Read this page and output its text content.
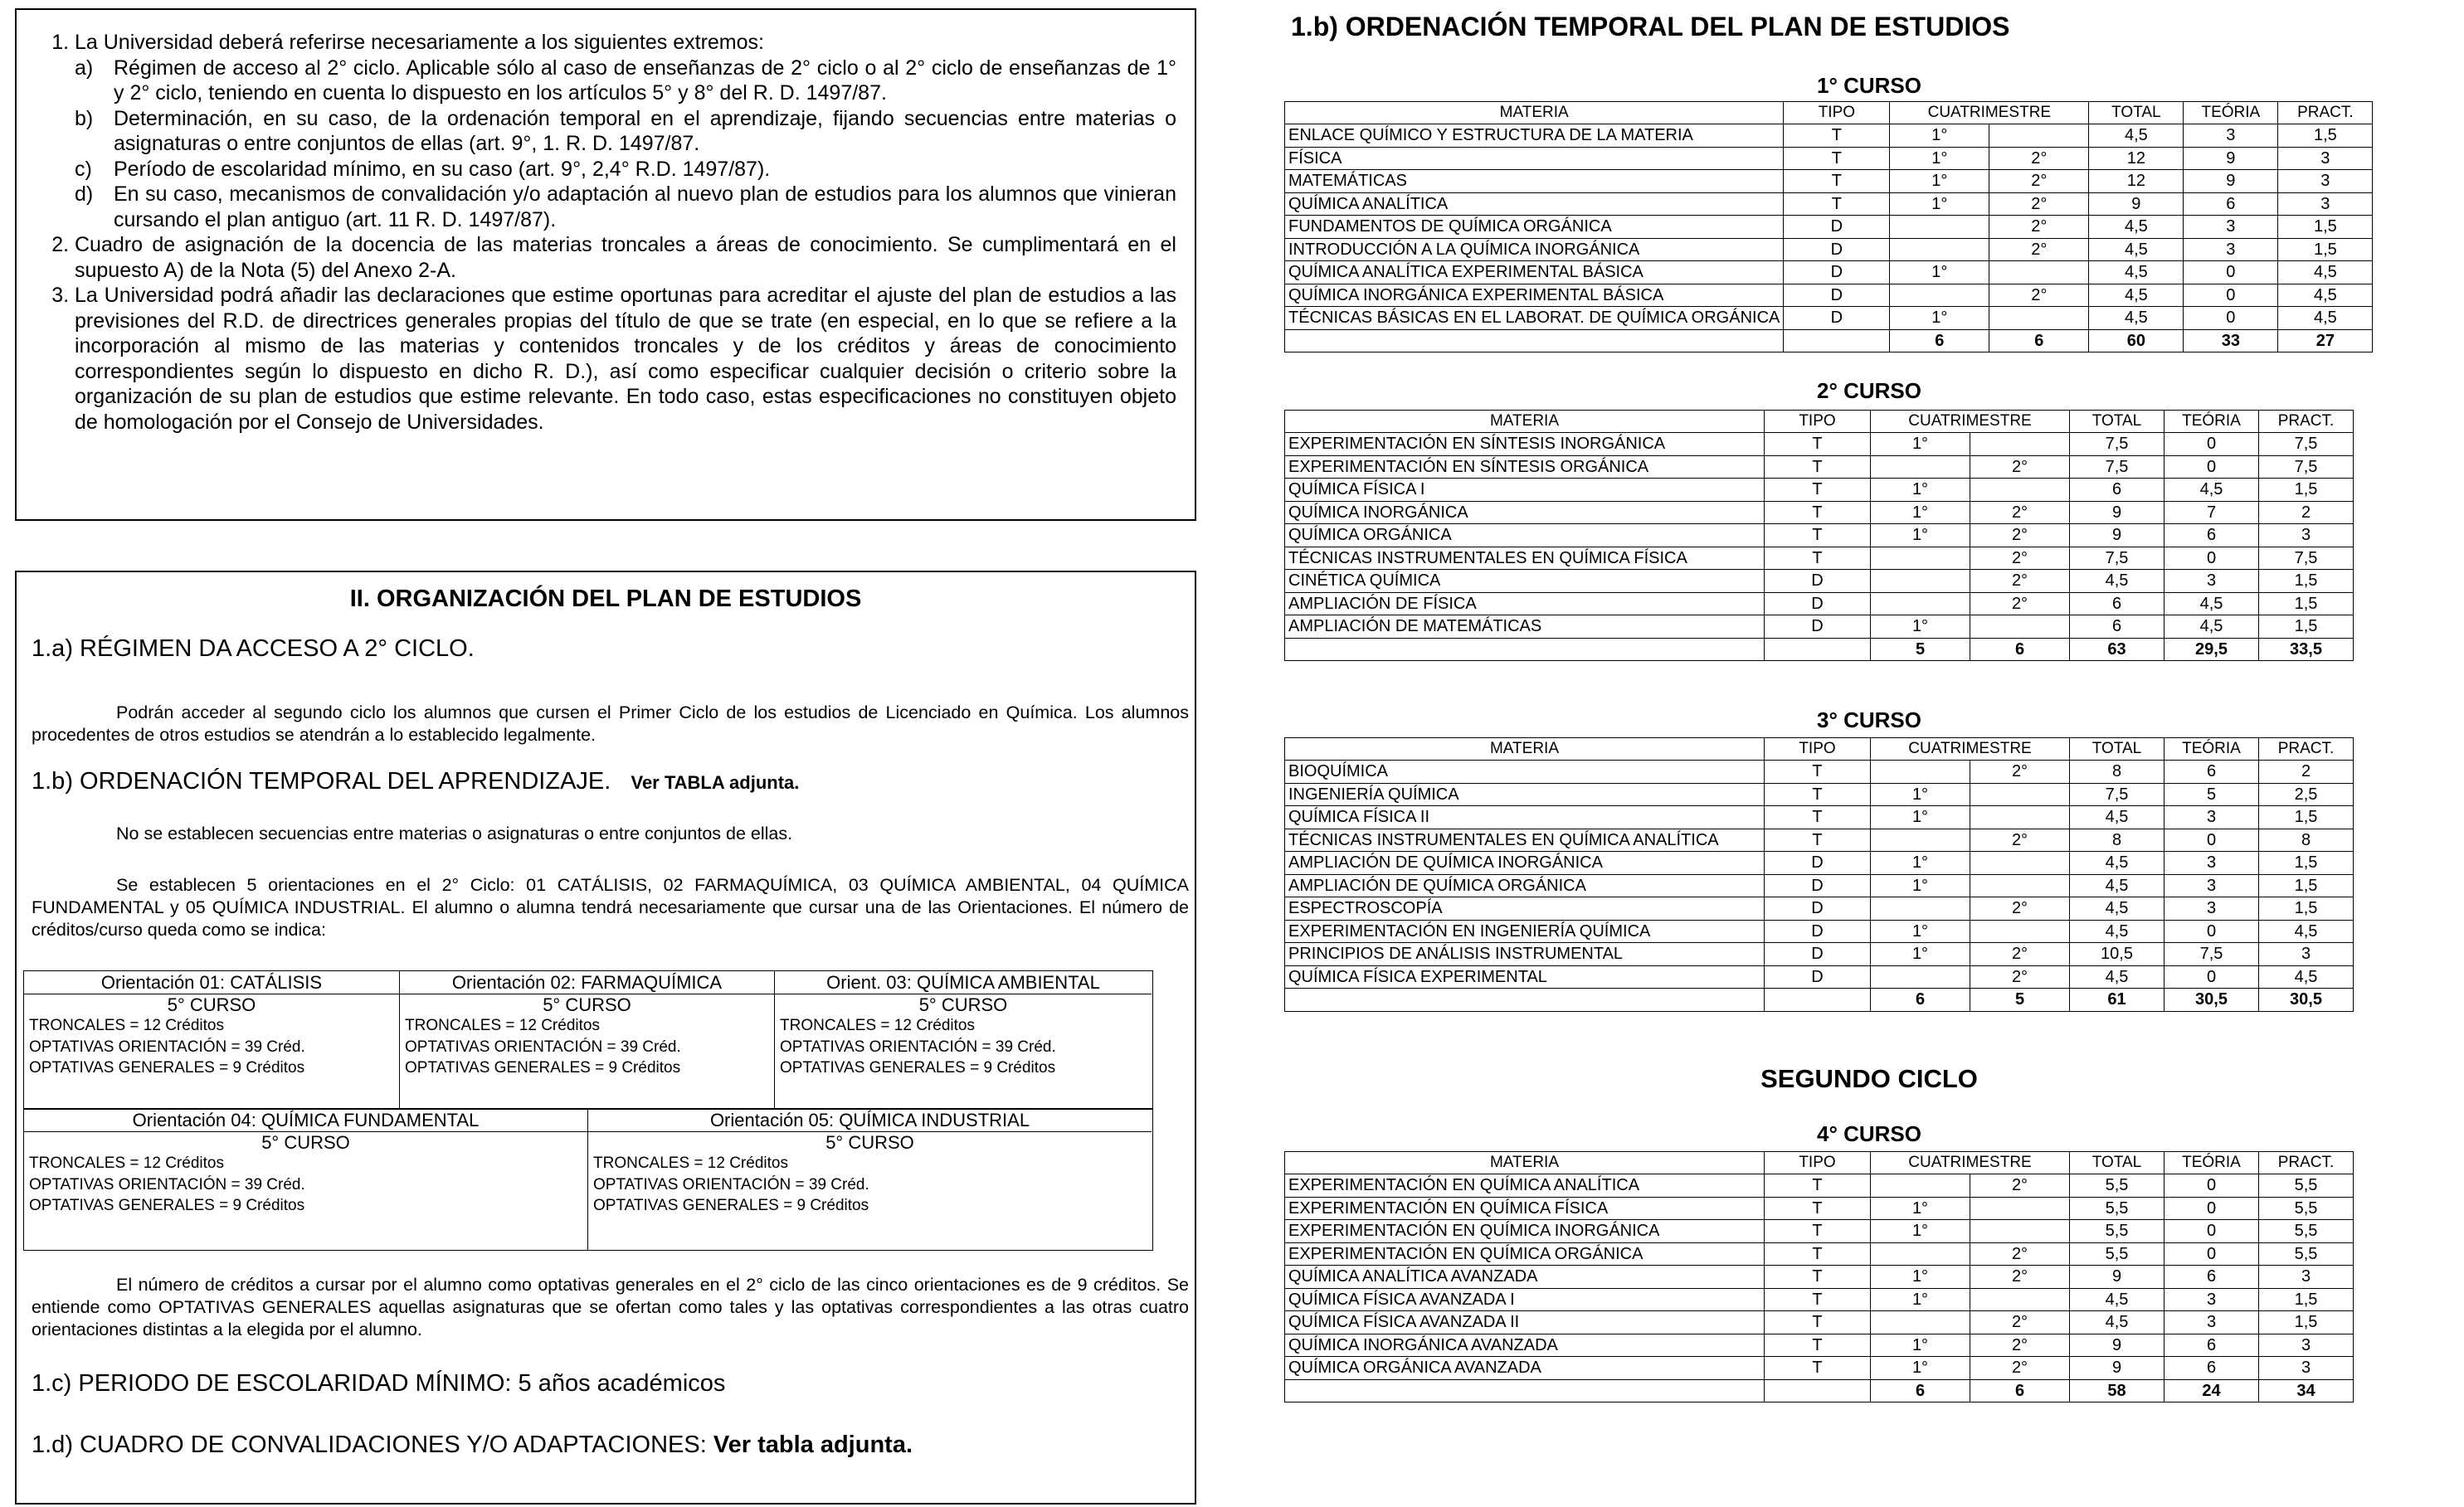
1. La Universidad deberá referirse necesariamente a los siguientes extremos:
a) Régimen de acceso al 2° ciclo. Aplicable sólo al caso de enseñanzas de 2° ciclo o al 2° ciclo de enseñanzas de 1° y 2° ciclo, teniendo en cuenta lo dispuesto en los artículos 5° y 8° del R. D. 1497/87.
b) Determinación, en su caso, de la ordenación temporal en el aprendizaje, fijando secuencias entre materias o asignaturas o entre conjuntos de ellas (art. 9°, 1. R. D. 1497/87.
c) Período de escolaridad mínimo, en su caso (art. 9°, 2,4° R.D. 1497/87).
d) En su caso, mecanismos de convalidación y/o adaptación al nuevo plan de estudios para los alumnos que vinieran cursando el plan antiguo (art. 11 R. D. 1497/87).
2. Cuadro de asignación de la docencia de las materias troncales a áreas de conocimiento. Se cumplimentará en el supuesto A) de la Nota (5) del Anexo 2-A.
3. La Universidad podrá añadir las declaraciones que estime oportunas para acreditar el ajuste del plan de estudios a las previsiones del R.D. de directrices generales propias del título de que se trate (en especial, en lo que se refiere a la incorporación al mismo de las materias y contenidos troncales y de los créditos y áreas de conocimiento correspondientes según lo dispuesto en dicho R. D.), así como especificar cualquier decisión o criterio sobre la organización de su plan de estudios que estime relevante. En todo caso, estas especificaciones no constituyen objeto de homologación por el Consejo de Universidades.
II. ORGANIZACIÓN DEL PLAN DE ESTUDIOS
1.a) RÉGIMEN DA ACCESO A 2° CICLO.
Podrán acceder al segundo ciclo los alumnos que cursen el Primer Ciclo de los estudios de Licenciado en Química. Los alumnos procedentes de otros estudios se atendrán a lo establecido legalmente.
1.b) ORDENACIÓN TEMPORAL DEL APRENDIZAJE. Ver TABLA adjunta.
No se establecen secuencias entre materias o asignaturas o entre conjuntos de ellas.
Se establecen 5 orientaciones en el 2° Ciclo: 01 CATÁLISIS, 02 FARMAQUÍMICA, 03 QUÍMICA AMBIENTAL, 04 QUÍMICA FUNDAMENTAL y 05 QUÍMICA INDUSTRIAL. El alumno o alumna tendrá necesariamente que cursar una de las Orientaciones. El número de créditos/curso queda como se indica:
Orientación 01: CATÁLISIS
5° CURSO
TRONCALES = 12 Créditos
OPTATIVAS ORIENTACIÓN = 39 Créd.
OPTATIVAS GENERALES = 9 Créditos
Orientación 02: FARMAQUÍMICA
5° CURSO
TRONCALES = 12 Créditos
OPTATIVAS ORIENTACIÓN = 39 Créd.
OPTATIVAS GENERALES = 9 Créditos
Orient. 03: QUÍMICA AMBIENTAL
5° CURSO
TRONCALES = 12 Créditos
OPTATIVAS ORIENTACIÓN = 39 Créd.
OPTATIVAS GENERALES = 9 Créditos
Orientación 04: QUÍMICA FUNDAMENTAL
5° CURSO
TRONCALES = 12 Créditos
OPTATIVAS ORIENTACIÓN = 39 Créd.
OPTATIVAS GENERALES = 9 Créditos
Orientación 05: QUÍMICA INDUSTRIAL
5° CURSO
TRONCALES = 12 Créditos
OPTATIVAS ORIENTACIÓN = 39 Créd.
OPTATIVAS GENERALES = 9 Créditos
El número de créditos a cursar por el alumno como optativas generales en el 2° ciclo de las cinco orientaciones es de 9 créditos. Se entiende como OPTATIVAS GENERALES aquellas asignaturas que se ofertan como tales y las optativas correspondientes a las otras cuatro orientaciones distintas a la elegida por el alumno.
1.c) PERIODO DE ESCOLARIDAD MÍNIMO: 5 años académicos
1.d) CUADRO DE CONVALIDACIONES Y/O ADAPTACIONES: Ver tabla adjunta.
1.b) ORDENACIÓN TEMPORAL DEL PLAN DE ESTUDIOS
1° CURSO
MATERIA	TIPO	CUATRIMESTRE		TOTAL	TEÓRIA	PRACT.
ENLACE QUÍMICO Y ESTRUCTURA DE LA MATERIA	T	1°		4,5	3	1,5
FÍSICA	T	1°	2°	12	9	3
MATEMÁTICAS	T	1°	2°	12	9	3
QUÍMICA ANALÍTICA	T	1°	2°	9	6	3
FUNDAMENTOS DE QUÍMICA ORGÁNICA	D		2°	4,5	3	1,5
INTRODUCCIÓN A LA QUÍMICA INORGÁNICA	D		2°	4,5	3	1,5
QUÍMICA ANALÍTICA EXPERIMENTAL BÁSICA	D	1°		4,5	0	4,5
QUÍMICA INORGÁNICA EXPERIMENTAL BÁSICA	D		2°	4,5	0	4,5
TÉCNICAS BÁSICAS EN EL LABORAT. DE QUÍMICA ORGÁNICA	D	1°		4,5	0	4,5
		6	6	60	33	27
2° CURSO
MATERIA	TIPO	CUATRIMESTRE		TOTAL	TEÓRIA	PRACT.
EXPERIMENTACIÓN EN SÍNTESIS INORGÁNICA	T	1°		7,5	0	7,5
EXPERIMENTACIÓN EN SÍNTESIS ORGÁNICA	T		2°	7,5	0	7,5
QUÍMICA FÍSICA I	T	1°		6	4,5	1,5
QUÍMICA INORGÁNICA	T	1°	2°	9	7	2
QUÍMICA ORGÁNICA	T	1°	2°	9	6	3
TÉCNICAS INSTRUMENTALES EN QUÍMICA FÍSICA	T		2°	7,5	0	7,5
CINÉTICA QUÍMICA	D		2°	4,5	3	1,5
AMPLIACIÓN DE FÍSICA	D		2°	6	4,5	1,5
AMPLIACIÓN DE MATEMÁTICAS	D	1°		6	4,5	1,5
		5	6	63	29,5	33,5
3° CURSO
MATERIA	TIPO	CUATRIMESTRE		TOTAL	TEÓRIA	PRACT.
BIOQUÍMICA	T		2°	8	6	2
INGENIERÍA QUÍMICA	T	1°		7,5	5	2,5
QUÍMICA FÍSICA II	T	1°		4,5	3	1,5
TÉCNICAS INSTRUMENTALES EN QUÍMICA ANALÍTICA	T		2°	8	0	8
AMPLIACIÓN DE QUÍMICA INORGÁNICA	D	1°		4,5	3	1,5
AMPLIACIÓN DE QUÍMICA ORGÁNICA	D	1°		4,5	3	1,5
ESPECTROSCOPÍA	D		2°	4,5	3	1,5
EXPERIMENTACIÓN EN INGENIERÍA QUÍMICA	D	1°		4,5	0	4,5
PRINCIPIOS DE ANÁLISIS INSTRUMENTAL	D	1°	2°	10,5	7,5	3
QUÍMICA FÍSICA EXPERIMENTAL	D		2°	4,5	0	4,5
		6	5	61	30,5	30,5
SEGUNDO CICLO
4° CURSO
MATERIA	TIPO	CUATRIMESTRE		TOTAL	TEÓRIA	PRACT.
EXPERIMENTACIÓN EN QUÍMICA ANALÍTICA	T		2°	5,5	0	5,5
EXPERIMENTACIÓN EN QUÍMICA FÍSICA	T	1°		5,5	0	5,5
EXPERIMENTACIÓN EN QUÍMICA INORGÁNICA	T	1°		5,5	0	5,5
EXPERIMENTACIÓN EN QUÍMICA ORGÁNICA	T		2°	5,5	0	5,5
QUÍMICA ANALÍTICA AVANZADA	T	1°	2°	9	6	3
QUÍMICA FÍSICA AVANZADA I	T	1°		4,5	3	1,5
QUÍMICA FÍSICA AVANZADA II	T		2°	4,5	3	1,5
QUÍMICA INORGÁNICA AVANZADA	T	1°	2°	9	6	3
QUÍMICA ORGÁNICA AVANZADA	T	1°	2°	9	6	3
		6	6	58	24	34
